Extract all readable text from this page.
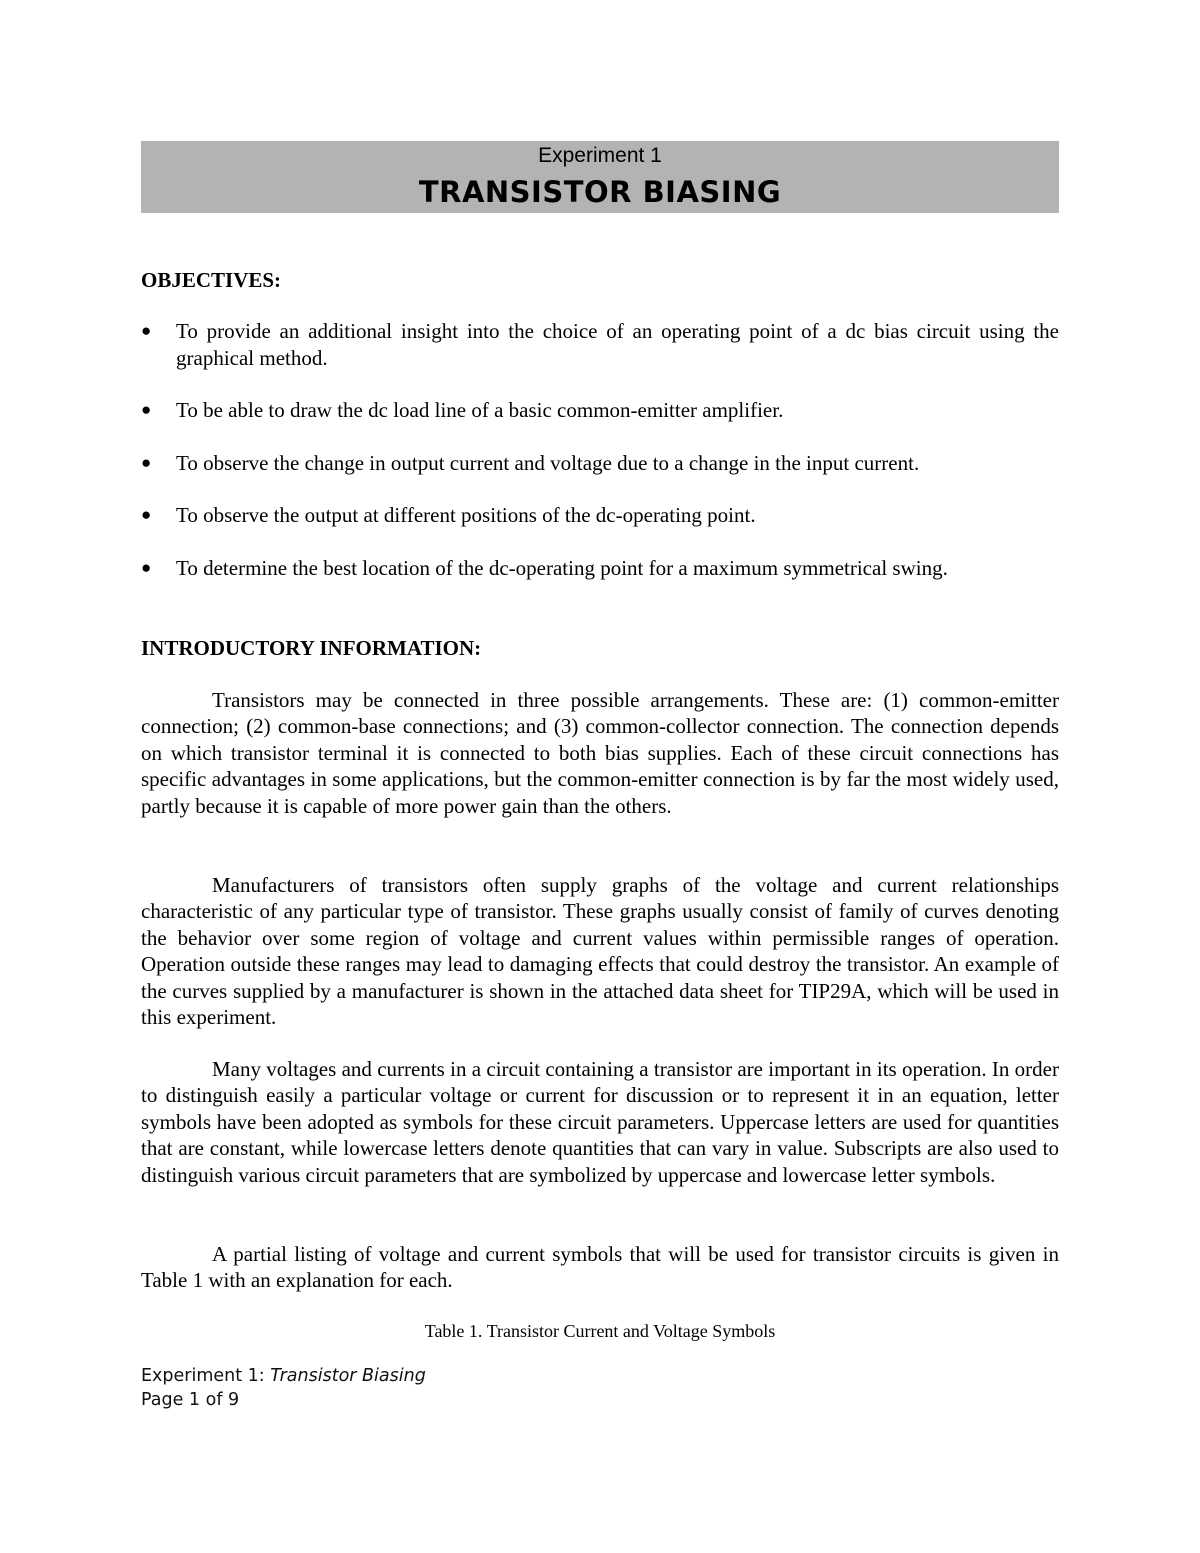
Experiment 1
TRANSISTOR BIASING
OBJECTIVES:
● To provide an additional insight into the choice of an operating point of a dc bias circuit using the graphical method.
● To be able to draw the dc load line of a basic common-emitter amplifier.
● To observe the change in output current and voltage due to a change in the input current.
● To observe the output at different positions of the dc-operating point.
● To determine the best location of the dc-operating point for a maximum symmetrical swing.
INTRODUCTORY INFORMATION:

Transistors may be connected in three possible arrangements. These are: (1) common-emitter connection; (2) common-base connections; and (3) common-collector connection. The connection depends on which transistor terminal it is connected to both bias supplies. Each of these circuit connections has specific advantages in some applications, but the common-emitter connection is by far the most widely used, partly because it is capable of more power gain than the others.

Manufacturers of transistors often supply graphs of the voltage and current relationships characteristic of any particular type of transistor. These graphs usually consist of family of curves denoting the behavior over some region of voltage and current values within permissible ranges of operation. Operation outside these ranges may lead to damaging effects that could destroy the transistor. An example of the curves supplied by a manufacturer is shown in the attached data sheet for TIP29A, which will be used in this experiment.

Many voltages and currents in a circuit containing a transistor are important in its operation. In order to distinguish easily a particular voltage or current for discussion or to represent it in an equation, letter symbols have been adopted as symbols for these circuit parameters. Uppercase letters are used for quantities that are constant, while lowercase letters denote quantities that can vary in value. Subscripts are also used to distinguish various circuit parameters that are symbolized by uppercase and lowercase letter symbols.

A partial listing of voltage and current symbols that will be used for transistor circuits is given in Table 1 with an explanation for each.

Table 1. Transistor Current and Voltage Symbols
Experiment 1: Transistor Biasing
Page 1 of 9
